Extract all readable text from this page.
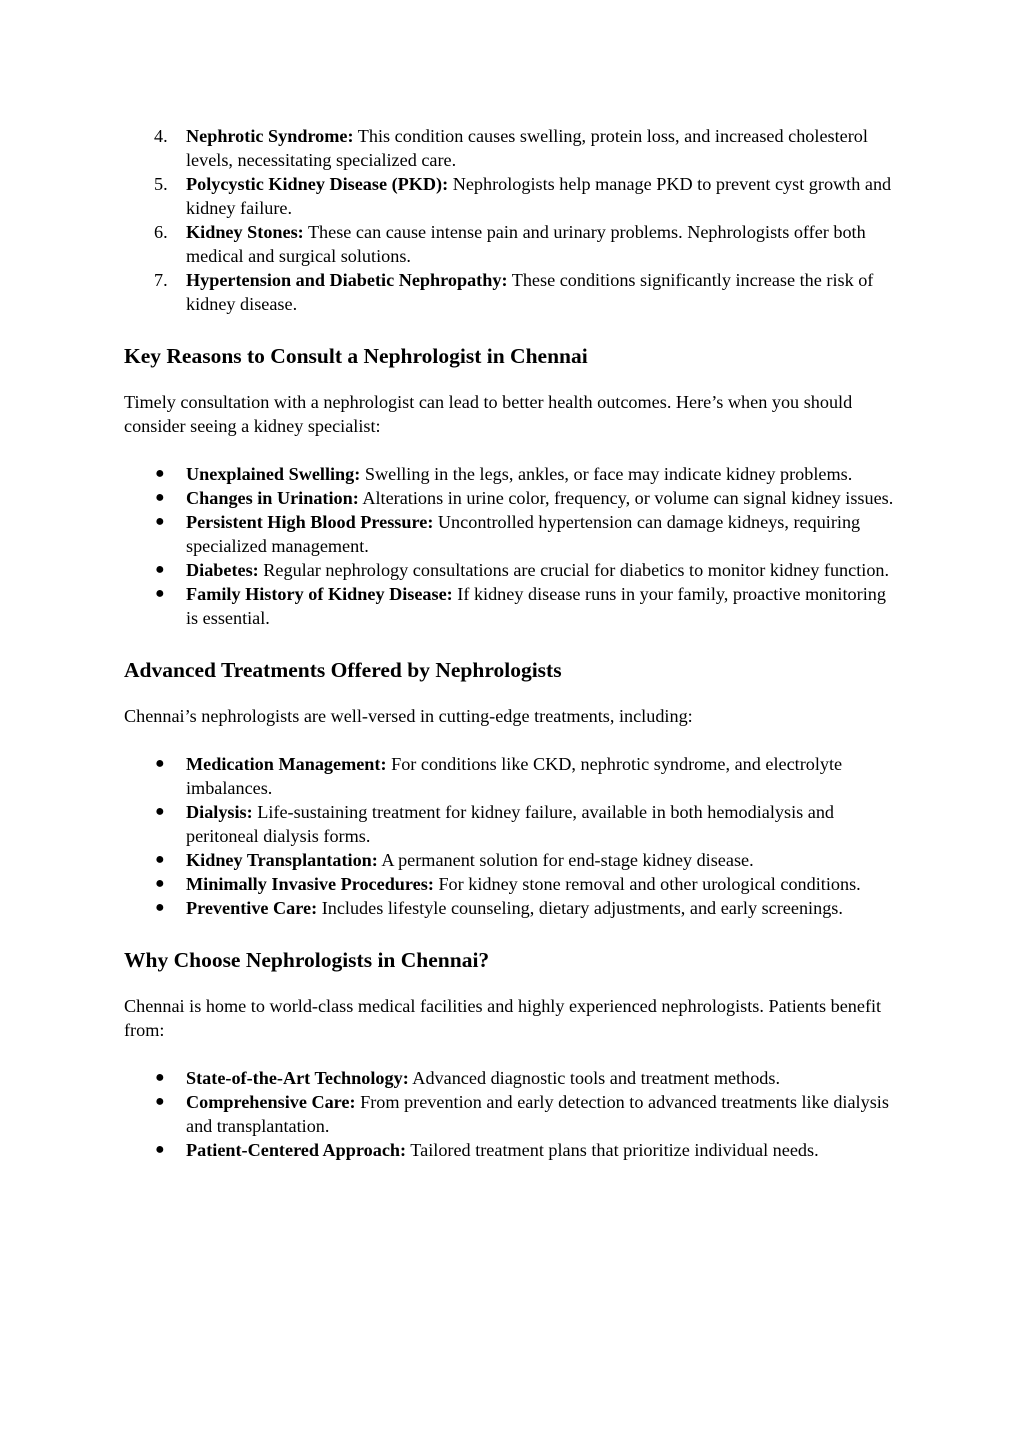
4.	Nephrotic Syndrome: This condition causes swelling, protein loss, and increased cholesterol levels, necessitating specialized care.
5.	Polycystic Kidney Disease (PKD): Nephrologists help manage PKD to prevent cyst growth and kidney failure.
6.	Kidney Stones: These can cause intense pain and urinary problems. Nephrologists offer both medical and surgical solutions.
7.	Hypertension and Diabetic Nephropathy: These conditions significantly increase the risk of kidney disease.
Key Reasons to Consult a Nephrologist in Chennai
Timely consultation with a nephrologist can lead to better health outcomes. Here’s when you should consider seeing a kidney specialist:
● Unexplained Swelling: Swelling in the legs, ankles, or face may indicate kidney problems.
● Changes in Urination: Alterations in urine color, frequency, or volume can signal kidney issues.
● Persistent High Blood Pressure: Uncontrolled hypertension can damage kidneys, requiring specialized management.
● Diabetes: Regular nephrology consultations are crucial for diabetics to monitor kidney function.
● Family History of Kidney Disease: If kidney disease runs in your family, proactive monitoring is essential.
Advanced Treatments Offered by Nephrologists
Chennai’s nephrologists are well-versed in cutting-edge treatments, including:
● Medication Management: For conditions like CKD, nephrotic syndrome, and electrolyte imbalances.
● Dialysis: Life-sustaining treatment for kidney failure, available in both hemodialysis and peritoneal dialysis forms.
● Kidney Transplantation: A permanent solution for end-stage kidney disease.
● Minimally Invasive Procedures: For kidney stone removal and other urological conditions.
● Preventive Care: Includes lifestyle counseling, dietary adjustments, and early screenings.
Why Choose Nephrologists in Chennai?
Chennai is home to world-class medical facilities and highly experienced nephrologists. Patients benefit from:
● State-of-the-Art Technology: Advanced diagnostic tools and treatment methods.
● Comprehensive Care: From prevention and early detection to advanced treatments like dialysis and transplantation.
● Patient-Centered Approach: Tailored treatment plans that prioritize individual needs.
